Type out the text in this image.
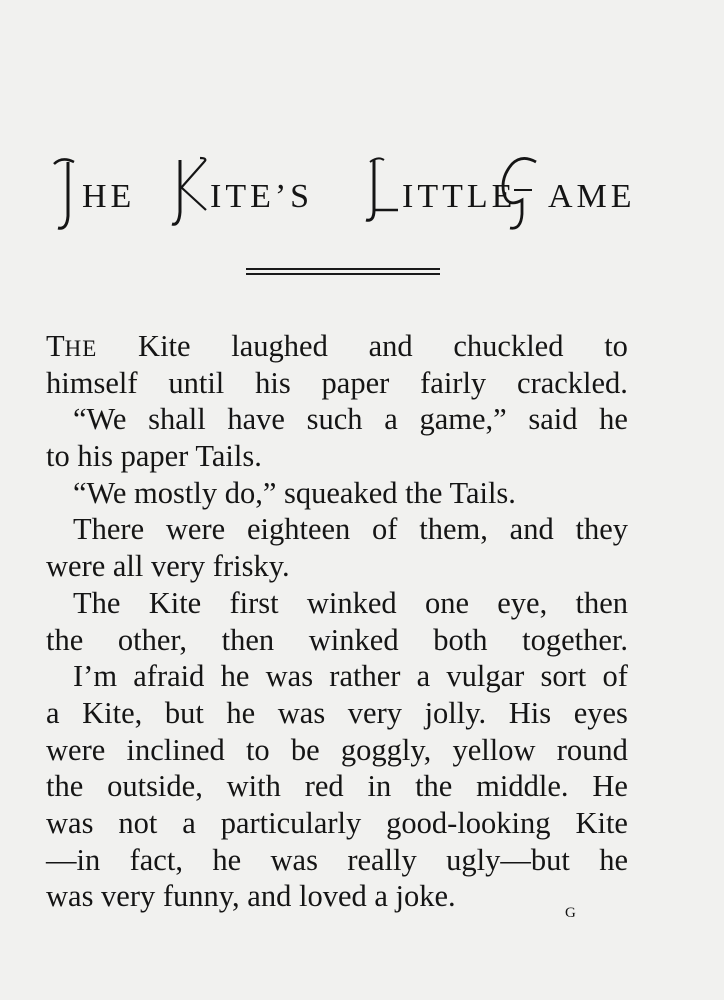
HE ITE’S	ITTLE AME
THE Kite laughed and chuckled to
himself until his paper fairly crackled.
“We shall have such a game,” said he
to his paper Tails.
“We mostly do,” squeaked the Tails.
There were eighteen of them, and they
were all very frisky.
The Kite first winked one eye, then
the other, then winked both together.
I’m afraid he was rather a vulgar sort of
a Kite, but he was very jolly. His eyes
were inclined to be goggly, yellow round
the outside, with red in the middle. He
was not a particularly good-looking Kite
—in fact, he was really ugly—but he
was very funny, and loved a joke.	G
